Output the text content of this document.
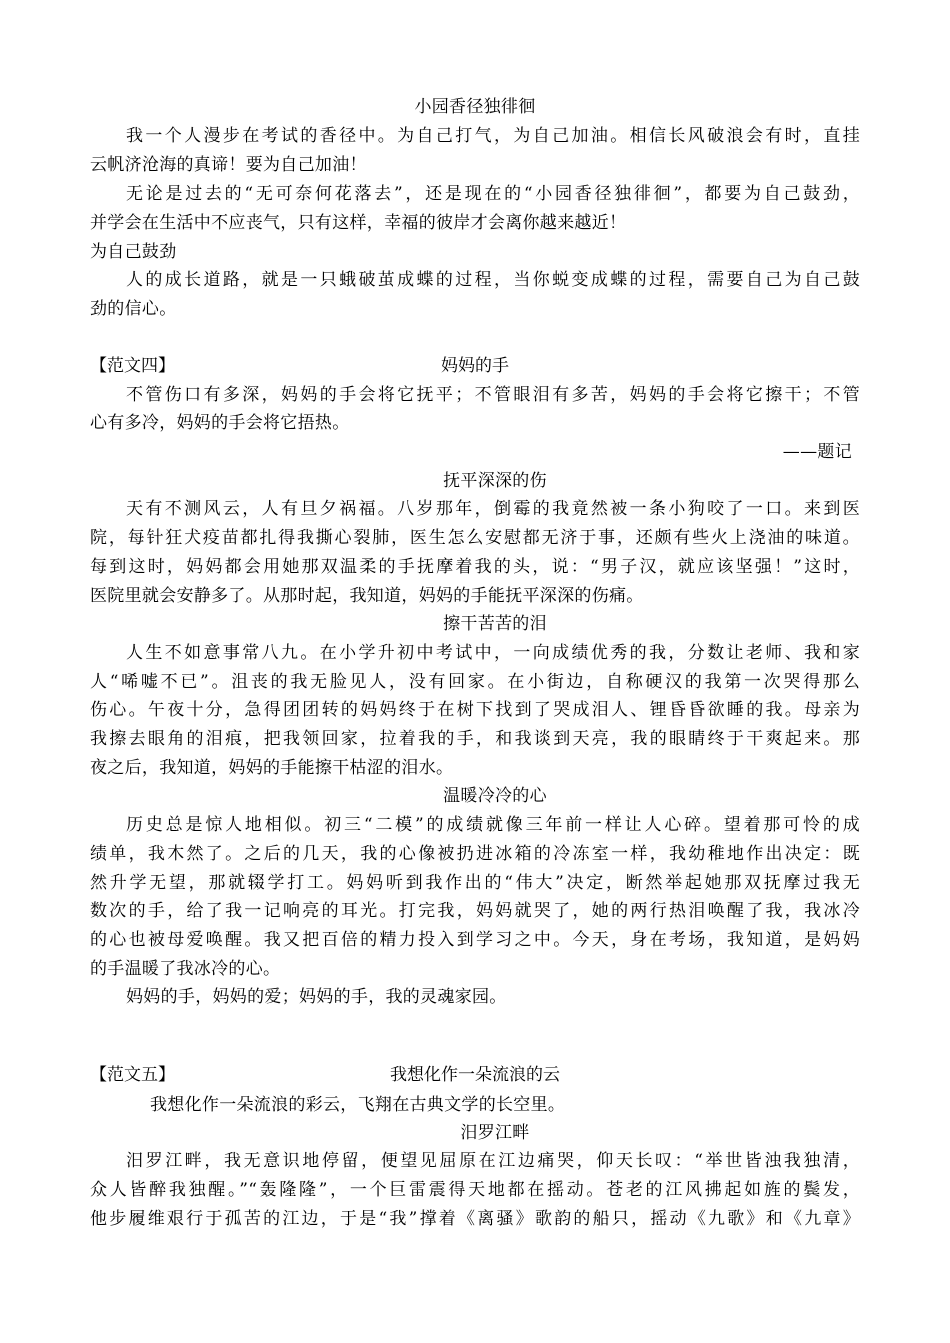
小园香径独徘徊
我一个人漫步在考试的香径中。为自己打气，为自己加油。相信长风破浪会有时，直挂
云帆济沧海的真谛！要为自己加油！
无论是过去的“无可奈何花落去”，还是现在的“小园香径独徘徊”，都要为自己鼓劲，
并学会在生活中不应丧气，只有这样，幸福的彼岸才会离你越来越近！
为自己鼓劲
人的成长道路，就是一只蛾破茧成蝶的过程，当你蜕变成蝶的过程，需要自己为自己鼓
劲的信心。
【范文四】	妈妈的手
不管伤口有多深，妈妈的手会将它抚平；不管眼泪有多苦，妈妈的手会将它擦干；不管
心有多冷，妈妈的手会将它捂热。
——题记
抚平深深的伤
天有不测风云，人有旦夕祸福。八岁那年，倒霉的我竟然被一条小狗咬了一口。来到医
院，每针狂犬疫苗都扎得我撕心裂肺，医生怎么安慰都无济于事，还颇有些火上浇油的味道。
每到这时，妈妈都会用她那双温柔的手抚摩着我的头，说：“男子汉，就应该坚强！”这时，
医院里就会安静多了。从那时起，我知道，妈妈的手能抚平深深的伤痛。
擦干苦苦的泪
人生不如意事常八九。在小学升初中考试中，一向成绩优秀的我，分数让老师、我和家
人“唏嘘不已”。沮丧的我无脸见人，没有回家。在小街边，自称硬汉的我第一次哭得那么
伤心。午夜十分，急得团团转的妈妈终于在树下找到了哭成泪人、锂昏昏欲睡的我。母亲为
我擦去眼角的泪痕，把我领回家，拉着我的手，和我谈到天亮，我的眼睛终于干爽起来。那
夜之后，我知道，妈妈的手能擦干枯涩的泪水。
温暖冷冷的心
历史总是惊人地相似。初三“二模”的成绩就像三年前一样让人心碎。望着那可怜的成
绩单，我木然了。之后的几天，我的心像被扔进冰箱的冷冻室一样，我幼稚地作出决定：既
然升学无望，那就辍学打工。妈妈听到我作出的“伟大”决定，断然举起她那双抚摩过我无
数次的手，给了我一记响亮的耳光。打完我，妈妈就哭了，她的两行热泪唤醒了我，我冰冷
的心也被母爱唤醒。我又把百倍的精力投入到学习之中。今天，身在考场，我知道，是妈妈
的手温暖了我冰冷的心。
妈妈的手，妈妈的爱；妈妈的手，我的灵魂家园。
【范文五】	我想化作一朵流浪的云
我想化作一朵流浪的彩云，飞翔在古典文学的长空里。
汨罗江畔
汨罗江畔，我无意识地停留，便望见屈原在江边痛哭，仰天长叹：“举世皆浊我独清，
众人皆醉我独醒。”“轰隆隆”，一个巨雷震得天地都在摇动。苍老的江风拂起如旌的鬓发，
他步履维艰行于孤苦的江边，于是“我”撑着《离骚》歌韵的船只，摇动《九歌》和《九章》
